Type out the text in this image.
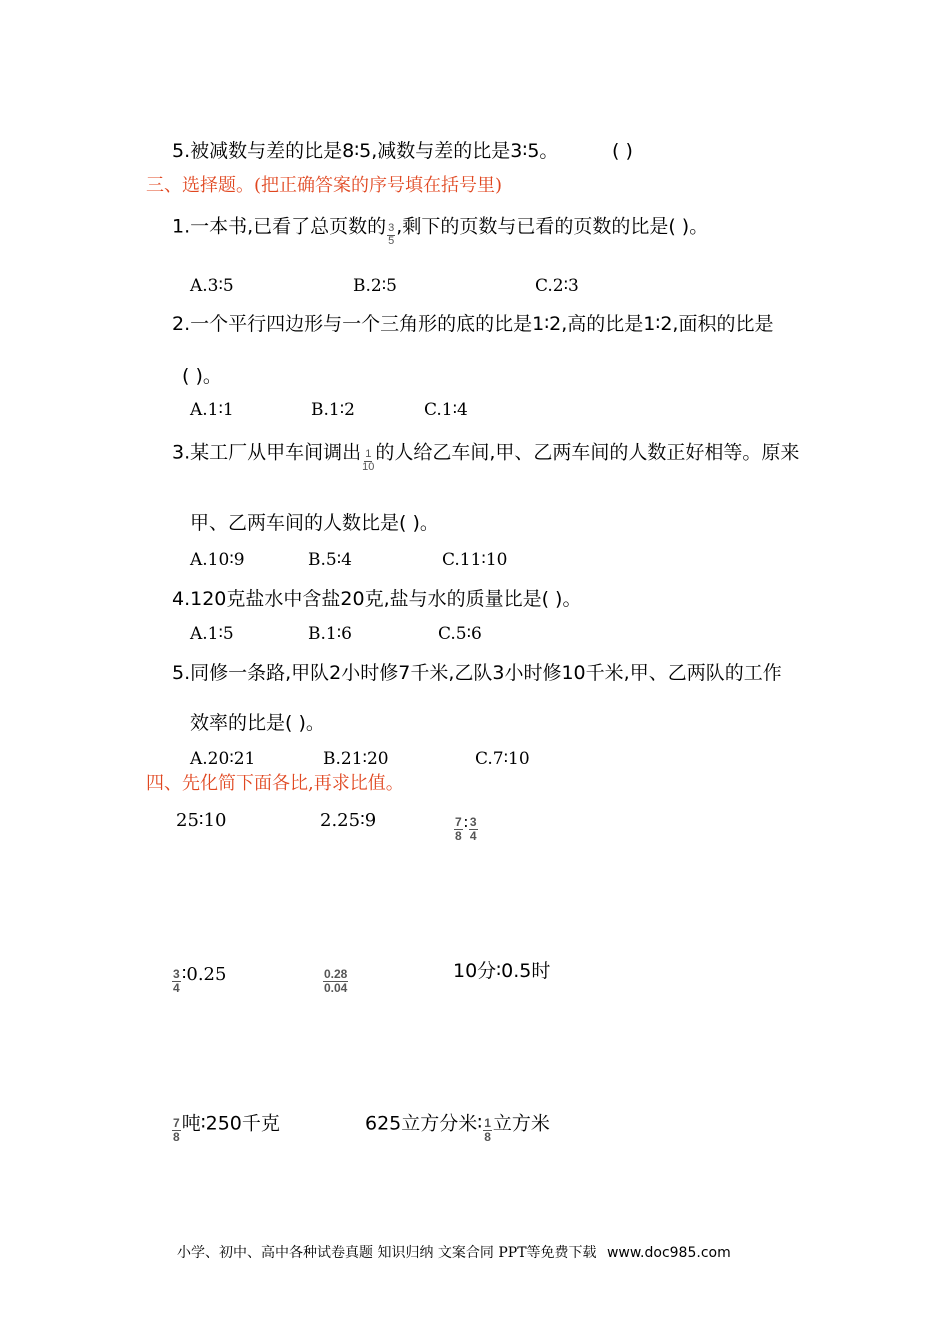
5.被减数与差的比是8∶5,减数与差的比是3∶5。	( )
三、选择题。(把正确答案的序号填在括号里)
1.一本书,已看了总页数的 $\frac{3}{5}$ ,剩下的页数与已看的页数的比是( )。
A.3∶5	B.2∶5	C.2∶3
2.一个平行四边形与一个三角形的底的比是1∶2,高的比是1∶2,面积的比是
( )。
A.1∶1	B.1∶2	C.1∶4
3.某工厂从甲车间调出 $\frac{1}{10}$ 的人给乙车间,甲、乙两车间的人数正好相等。原来
甲、乙两车间的人数比是( )。
A.10∶9	B.5∶4	C.11∶10
4.120克盐水中含盐20克,盐与水的质量比是( )。
A.1∶5	B.1∶6	C.5∶6
5.同修一条路,甲队2小时修7千米,乙队3小时修10千米,甲、乙两队的工作
效率的比是( )。
A.20∶21	B.21∶20	C.7∶10
四、先化简下面各比,再求比值。
25∶10	2.25∶9	$\frac{7}{8}$ ∶ $\frac{3}{4}$
$\frac{3}{4}$ ∶0.25	$\frac{0.28}{0.04}$	10分∶0.5时
$\frac{7}{8}$ 吨∶250千克	625立方分米∶ $\frac{1}{8}$ 立方米
小学、初中、高中各种试卷真题 知识归纳 文案合同 PPT等免费下载 www.doc985.com
